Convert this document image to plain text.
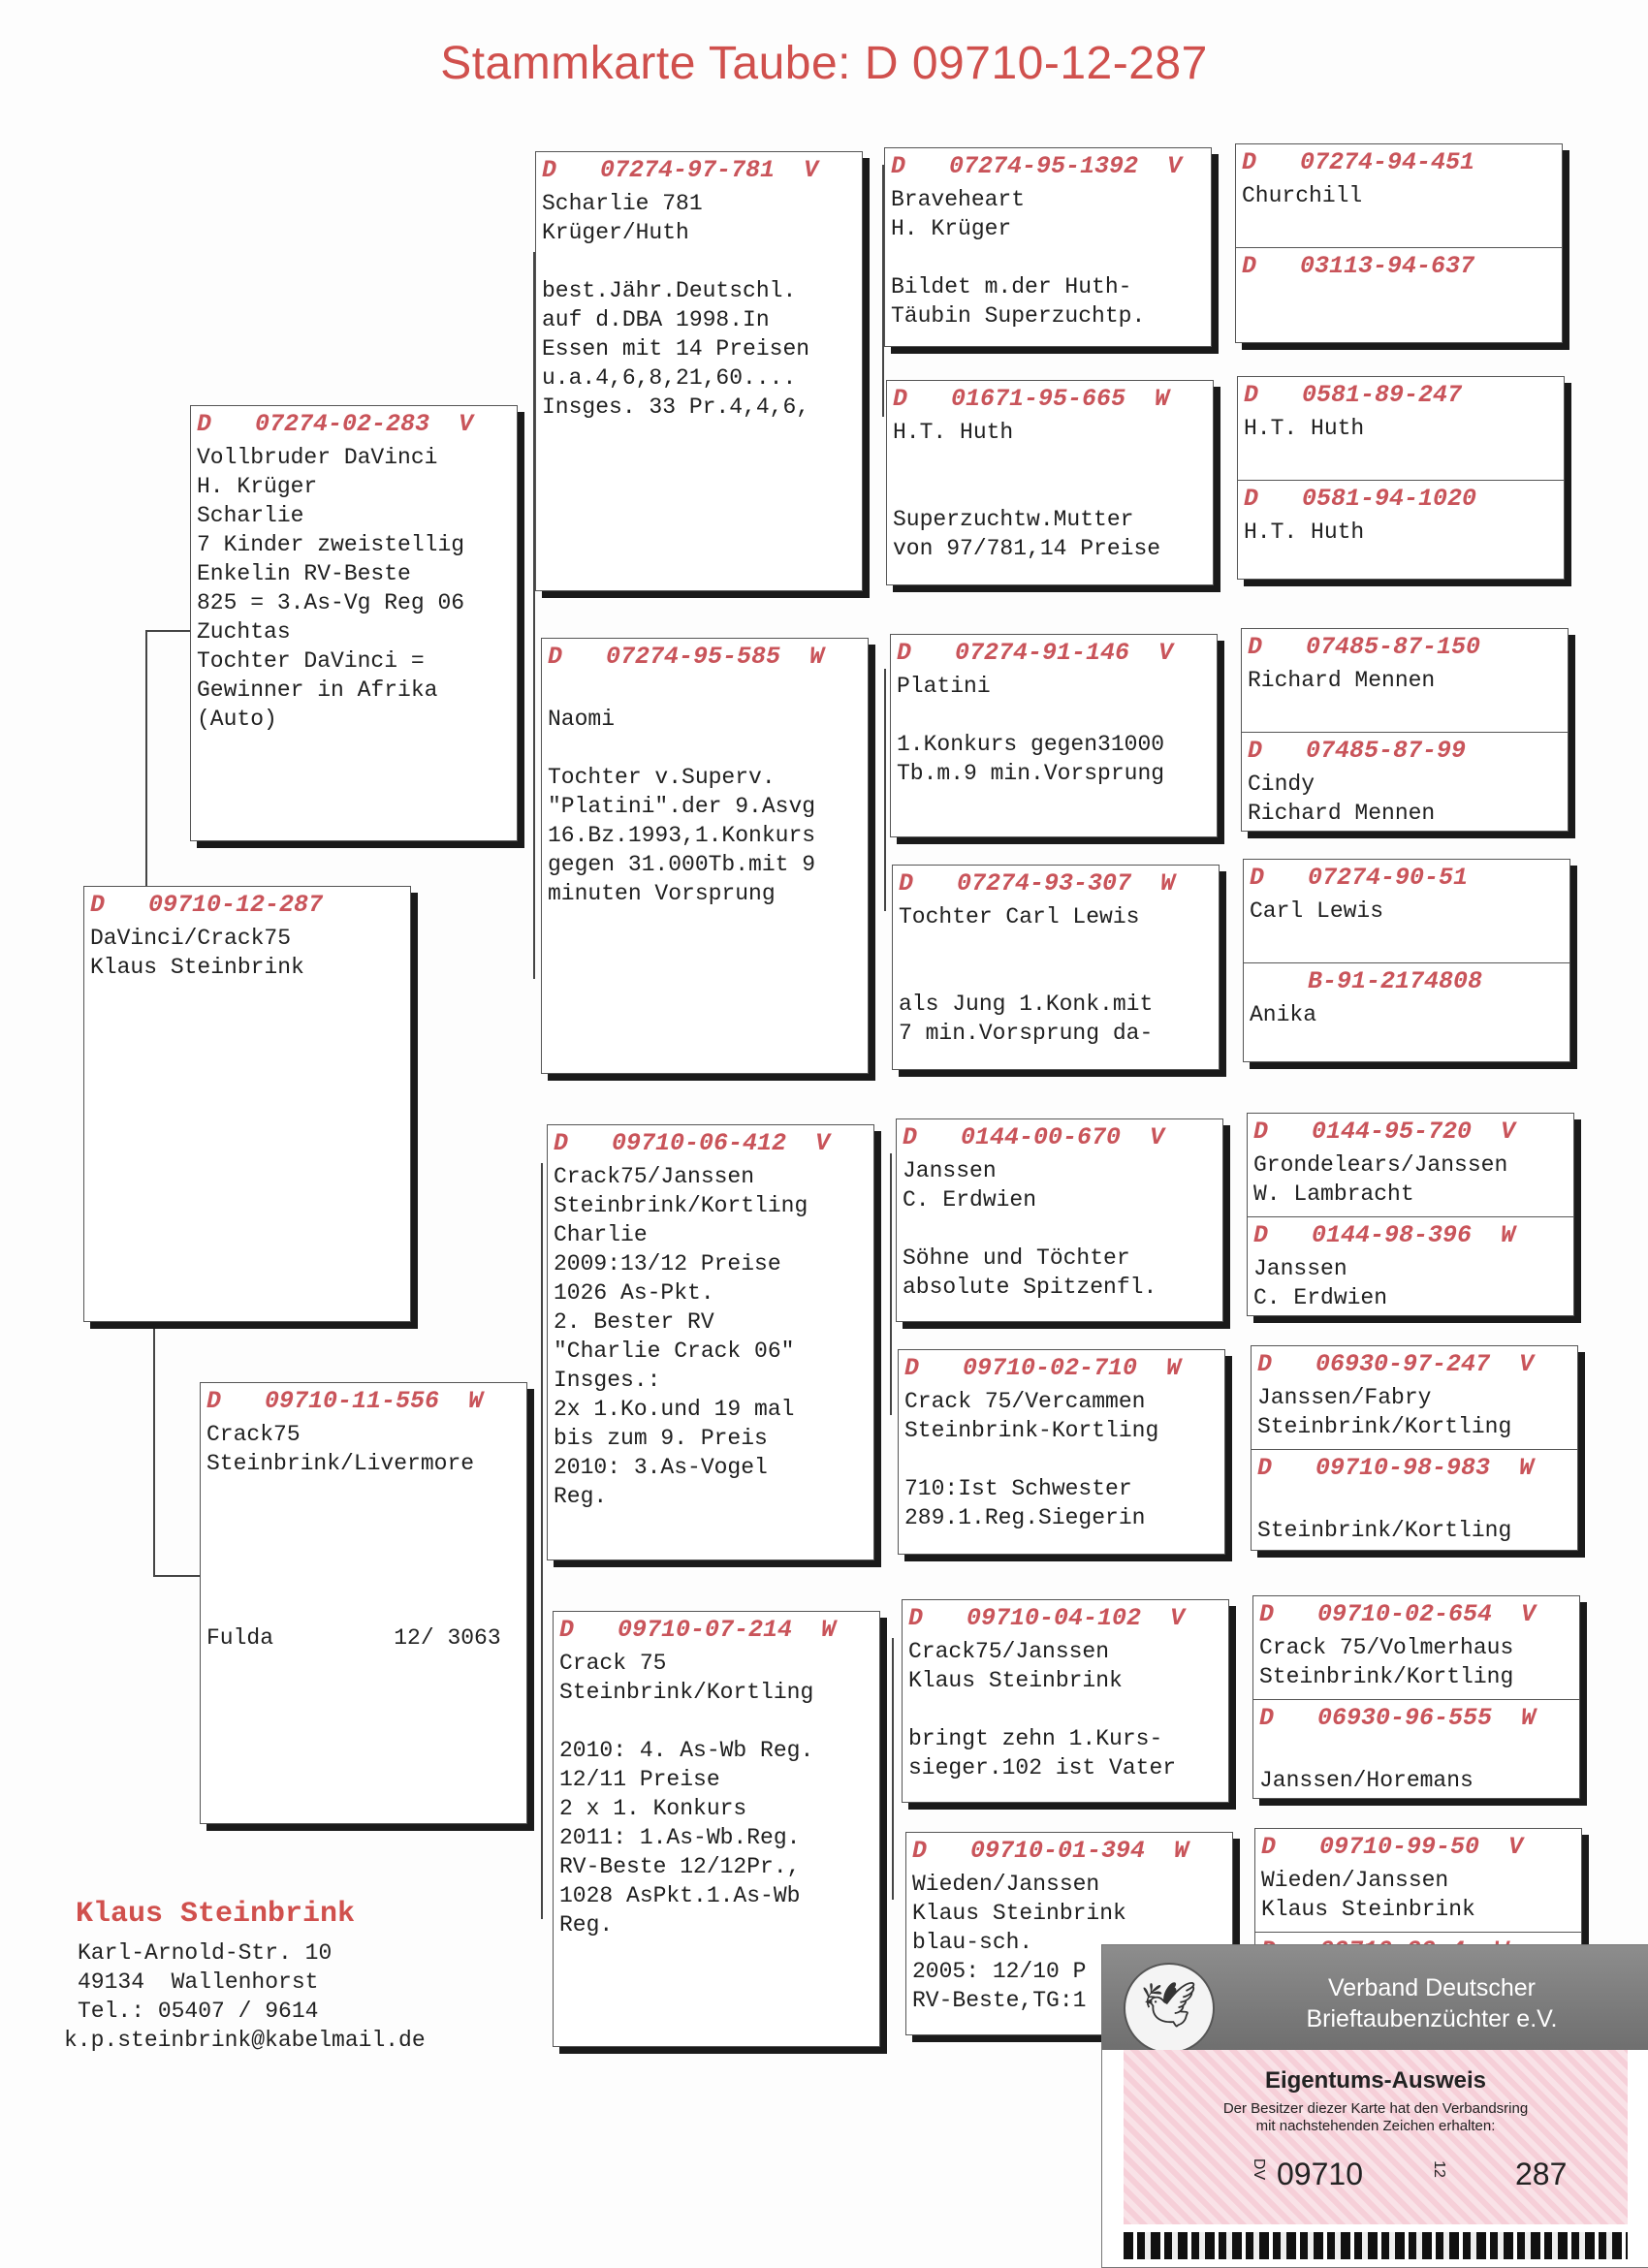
Stammkarte Taube: D 09710-12-287
D   09710-12-287
DaVinci/Crack75
Klaus Steinbrink
D   07274-02-283  V
Vollbruder DaVinci
H. Krüger
Scharlie
7 Kinder zweistellig
Enkelin RV-Beste
825 = 3.As-Vg Reg 06
Zuchtas
Tochter DaVinci =
Gewinner in Afrika
(Auto)
D   09710-11-556  W
Crack75
Steinbrink/Livermore

Fulda         12/ 3063
D   07274-97-781  V
Scharlie 781
Krüger/Huth

best.Jähr.Deutschl.
auf d.DBA 1998.In
Essen mit 14 Preisen
u.a.4,6,8,21,60....
Insges. 33 Pr.4,4,6,
D   07274-95-585  W

Naomi

Tochter v.Superv.
"Platini".der 9.Asvg
16.Bz.1993,1.Konkurs
gegen 31.000Tb.mit 9
minuten Vorsprung
D   09710-06-412  V
Crack75/Janssen
Steinbrink/Kortling
Charlie
2009:13/12 Preise
1026 As-Pkt.
2. Bester RV
"Charlie Crack 06"
Insges.:
2x 1.Ko.und 19 mal
bis zum 9. Preis
2010: 3.As-Vogel
Reg.
D   09710-07-214  W
Crack 75
Steinbrink/Kortling

2010: 4. As-Wb Reg.
12/11 Preise
2 x 1. Konkurs
2011: 1.As-Wb.Reg.
RV-Beste 12/12Pr.,
1028 AsPkt.1.As-Wb
Reg.
D   07274-95-1392  V
Braveheart
H. Krüger

Bildet m.der Huth-
Täubin Superzuchtp.
D   01671-95-665  W
H.T. Huth

Superzuchtw.Mutter
von 97/781,14 Preise
D   07274-91-146  V
Platini

1.Konkurs gegen31000
Tb.m.9 min.Vorsprung
D   07274-93-307  W
Tochter Carl Lewis

als Jung 1.Konk.mit
7 min.Vorsprung da-
D   0144-00-670  V
Janssen
C. Erdwien

Söhne und Töchter
absolute Spitzenfl.
D   09710-02-710  W
Crack 75/Vercammen
Steinbrink-Kortling

710:Ist Schwester
289.1.Reg.Siegerin
D   09710-04-102  V
Crack75/Janssen
Klaus Steinbrink

bringt zehn 1.Kurs-
sieger.102 ist Vater
D   09710-01-394  W
Wieden/Janssen
Klaus Steinbrink
blau-sch.
2005: 12/10 P
RV-Beste,TG:1
D   07274-94-451
Churchill
D   03113-94-637
D   0581-89-247
H.T. Huth
D   0581-94-1020
H.T. Huth
D   07485-87-150
Richard Mennen
D   07485-87-99
Cindy
Richard Mennen
D   07274-90-51
Carl Lewis
B-91-2174808
Anika
D   0144-95-720  V
Grondelears/Janssen
W. Lambracht
D   0144-98-396  W
Janssen
C. Erdwien
D   06930-97-247  V
Janssen/Fabry
Steinbrink/Kortling
D   09710-98-983  W

Steinbrink/Kortling
D   09710-02-654  V
Crack 75/Volmerhaus
Steinbrink/Kortling
D   06930-96-555  W

Janssen/Horemans
D   09710-99-50  V
Wieden/Janssen
Klaus Steinbrink
Klaus Steinbrink
Karl-Arnold-Str. 10
49134  Wallenhorst
Tel.: 05407 / 9614
k.p.steinbrink@kabelmail.de
🕊	Verband Deutscher
Brieftaubenzüchter e.V.
Eigentums-Ausweis
Der Besitzer diezer Karte hat den Verbandsring
mit nachstehenden Zeichen erhalten:
DV 09710	12 287
